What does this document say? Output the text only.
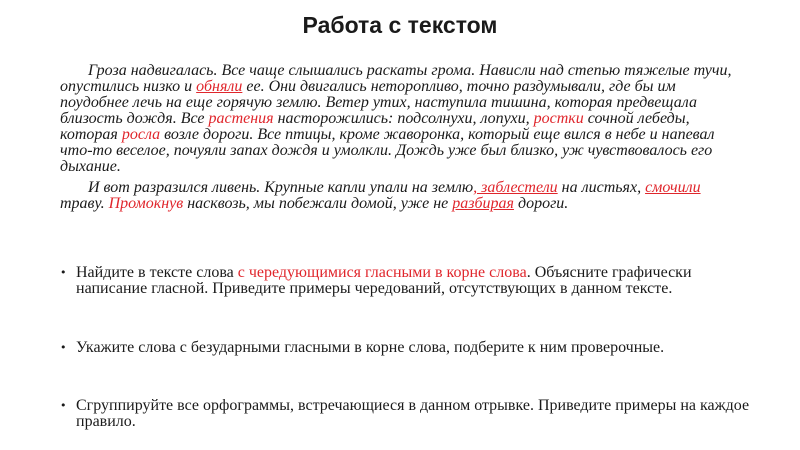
Работа с текстом

Гроза надвигалась. Все чаще слышались раскаты грома. Нависли над степью тяжелые тучи, опустились низко и обняли ее. Они двигались неторопливо, точно раздумывали, где бы им поудобнее лечь на еще горячую землю. Ветер утих, наступила тишина, которая предвещала близость дождя. Все растения насторожились: подсолнухи, лопухи, ростки сочной лебеды, которая росла возле дороги. Все птицы, кроме жаворонка, который еще вился в небе и напевал что-то веселое, почуяли запах дождя и умолкли. Дождь уже был близко, уж чувствовалось его дыхание.

И вот разразился ливень. Крупные капли упали на землю, заблестели на листьях, смочили траву. Промокнув насквозь, мы побежали домой, уже не разбирая дороги.

• Найдите в тексте слова с чередующимися гласными в корне слова. Объясните графически написание гласной. Приведите примеры чередований, отсутствующих в данном тексте.
• Укажите слова с безударными гласными в корне слова, подберите к ним проверочные.
• Сгруппируйте все орфограммы, встречающиеся в данном отрывке. Приведите примеры на каждое правило.
